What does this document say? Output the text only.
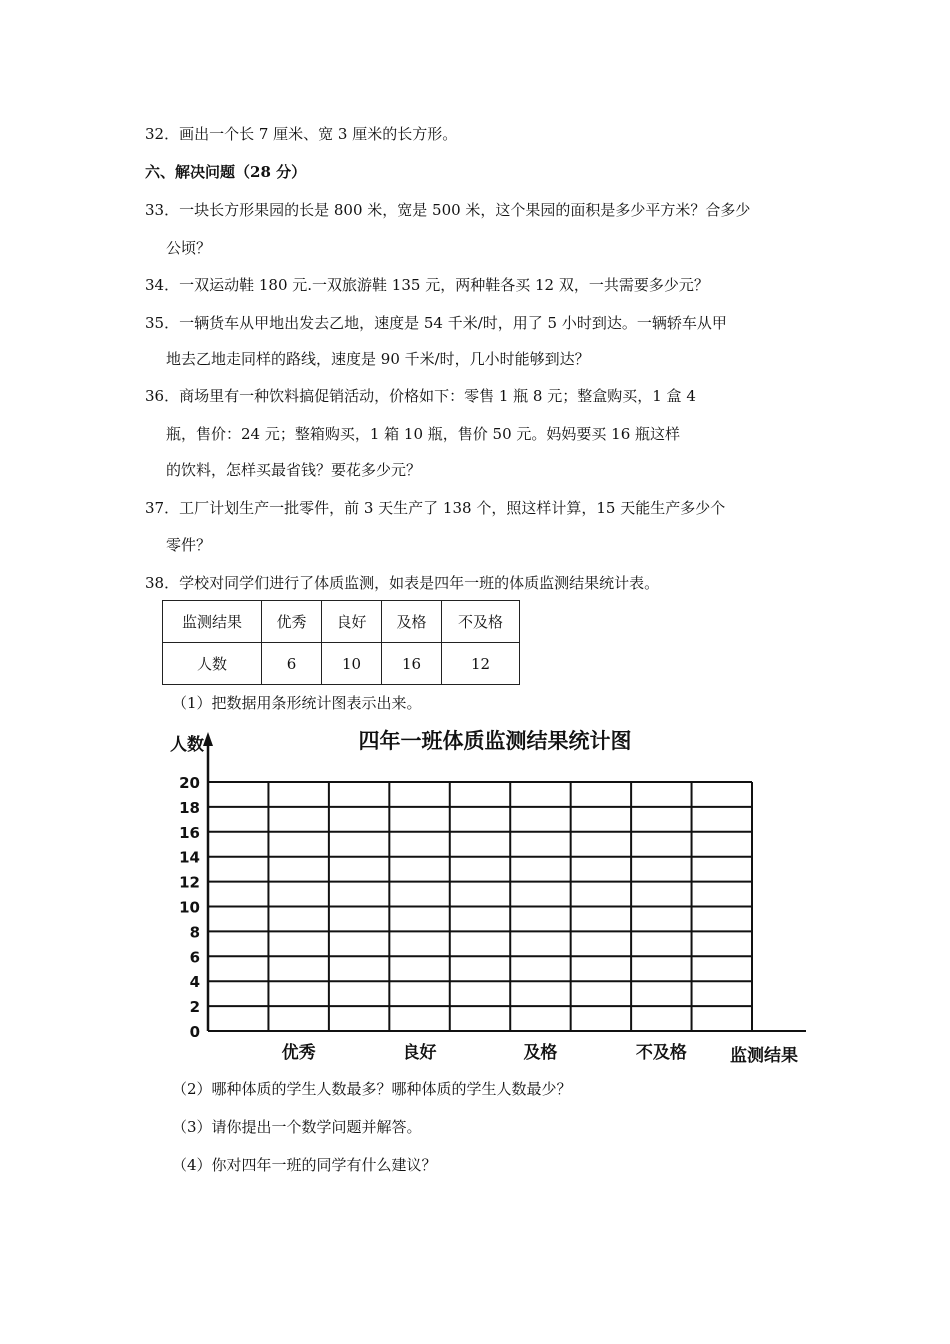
32．画出一个长 7 厘米、宽 3 厘米的长方形。
六、解决问题（28 分）
33．一块长方形果园的长是 800 米，宽是 500 米，这个果园的面积是多少平方米？合多少
公顷？
34．一双运动鞋 180 元.一双旅游鞋 135 元，两种鞋各买 12 双，一共需要多少元？
35．一辆货车从甲地出发去乙地，速度是 54 千米/时，用了 5 小时到达。一辆轿车从甲
地去乙地走同样的路线，速度是 90 千米/时，几小时能够到达？
36．商场里有一种饮料搞促销活动，价格如下：零售 1 瓶 8 元；整盒购买，1 盒 4
瓶，售价：24 元；整箱购买，1 箱 10 瓶，售价 50 元。妈妈要买 16 瓶这样
的饮料，怎样买最省钱？要花多少元？
37．工厂计划生产一批零件，前 3 天生产了 138 个，照这样计算，15 天能生产多少个
零件？
38．学校对同学们进行了体质监测，如表是四年一班的体质监测结果统计表。
监测结果	优秀	良好	及格	不及格
人数	6	10	16	12
（1）把数据用条形统计图表示出来。
四年一班体质监测结果统计图
人数
0
2
4
6
8
10
12
14
16
18
20
优秀	良好	及格	不及格	监测结果
（2）哪种体质的学生人数最多？哪种体质的学生人数最少？
（3）请你提出一个数学问题并解答。
（4）你对四年一班的同学有什么建议？
